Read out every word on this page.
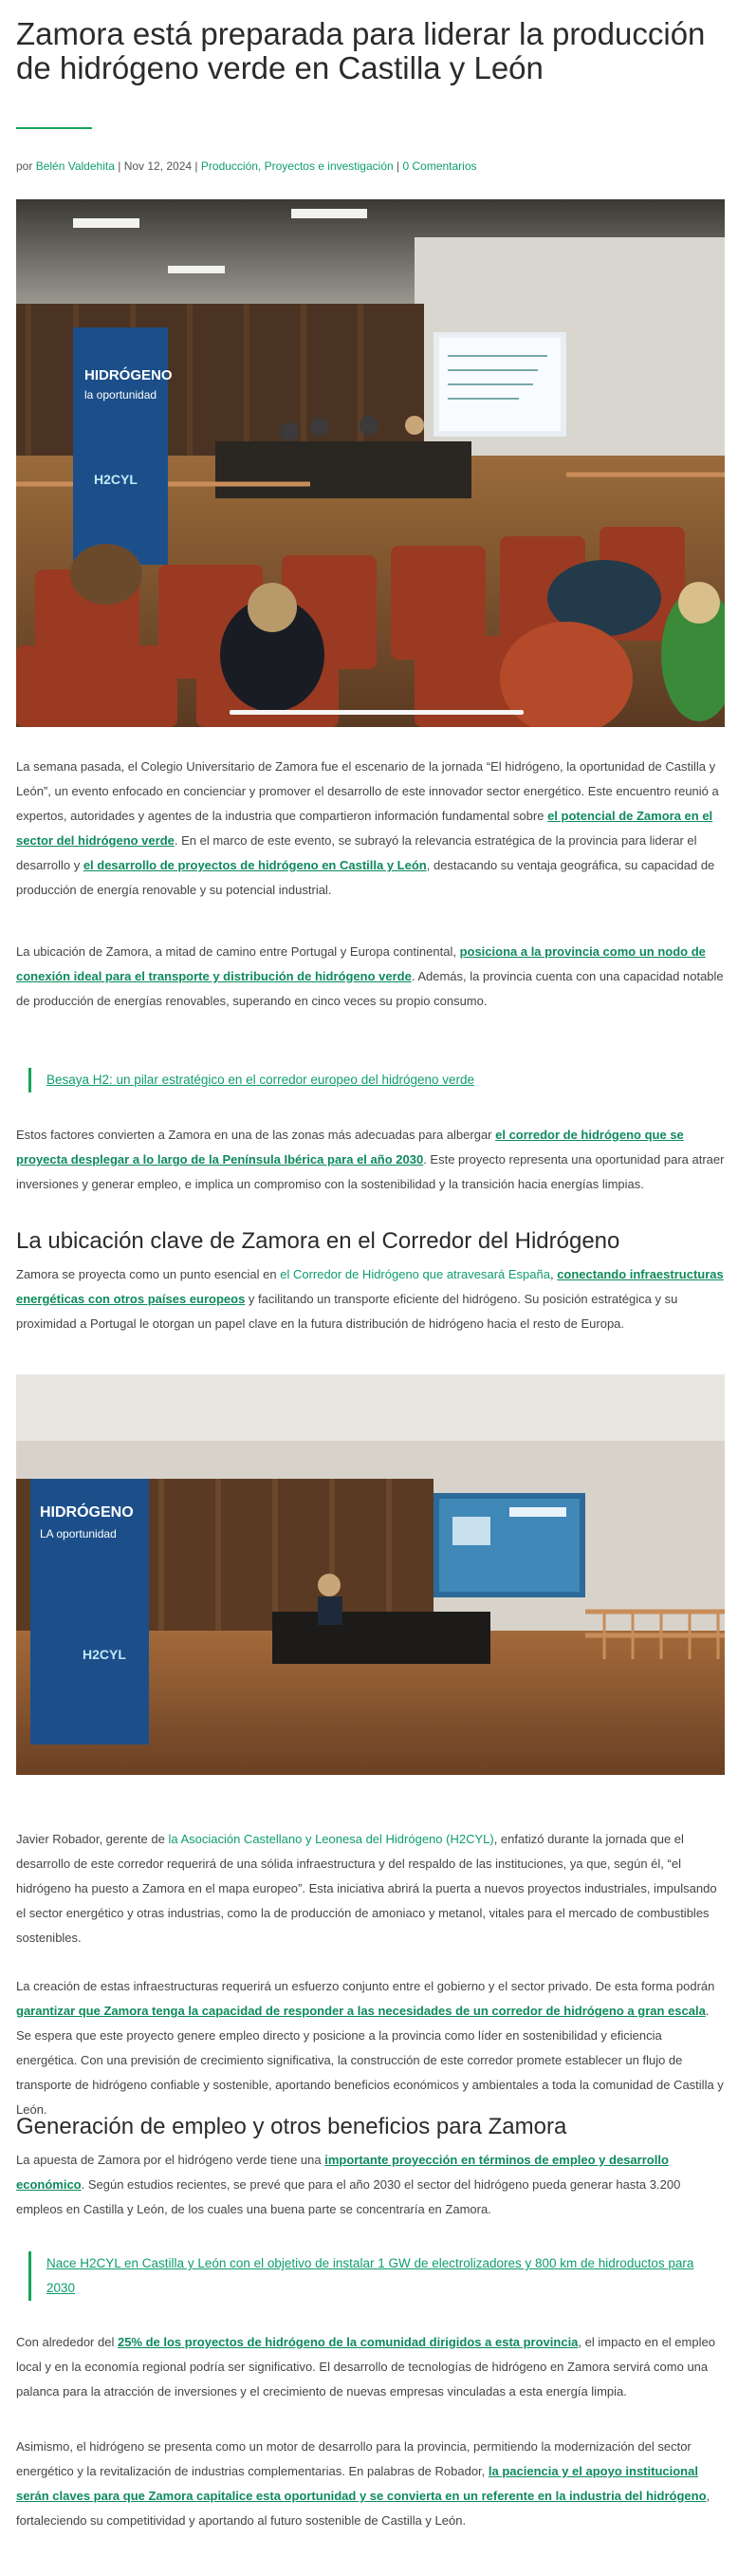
Zamora está preparada para liderar la producción de hidrógeno verde en Castilla y León
por Belén Valdehita | Nov 12, 2024 | Producción, Proyectos e investigación | 0 Comentarios
HIDRÓGENO
la oportunidad
H2CYL

La semana pasada, el Colegio Universitario de Zamora fue el escenario de la jornada “El hidrógeno, la oportunidad de Castilla y León”, un evento enfocado en concienciar y promover el desarrollo de este innovador sector energético. Este encuentro reunió a expertos, autoridades y agentes de la industria que compartieron información fundamental sobre el potencial de Zamora en el sector del hidrógeno verde. En el marco de este evento, se subrayó la relevancia estratégica de la provincia para liderar el desarrollo y el desarrollo de proyectos de hidrógeno en Castilla y León, destacando su ventaja geográfica, su capacidad de producción de energía renovable y su potencial industrial.

La ubicación de Zamora, a mitad de camino entre Portugal y Europa continental, posiciona a la provincia como un nodo de conexión ideal para el transporte y distribución de hidrógeno verde. Además, la provincia cuenta con una capacidad notable de producción de energías renovables, superando en cinco veces su propio consumo.

Besaya H2: un pilar estratégico en el corredor europeo del hidrógeno verde

Estos factores convierten a Zamora en una de las zonas más adecuadas para albergar el corredor de hidrógeno que se proyecta desplegar a lo largo de la Península Ibérica para el año 2030. Este proyecto representa una oportunidad para atraer inversiones y generar empleo, e implica un compromiso con la sostenibilidad y la transición hacia energías limpias.

La ubicación clave de Zamora en el Corredor del Hidrógeno

Zamora se proyecta como un punto esencial en el Corredor de Hidrógeno que atravesará España, conectando infraestructuras energéticas con otros países europeos y facilitando un transporte eficiente del hidrógeno. Su posición estratégica y su proximidad a Portugal le otorgan un papel clave en la futura distribución de hidrógeno hacia el resto de Europa.

HIDRÓGENO
LA oportunidad
H2CYL

Javier Robador, gerente de la Asociación Castellano y Leonesa del Hidrógeno (H2CYL), enfatizó durante la jornada que el desarrollo de este corredor requerirá de una sólida infraestructura y del respaldo de las instituciones, ya que, según él, “el hidrógeno ha puesto a Zamora en el mapa europeo”. Esta iniciativa abrirá la puerta a nuevos proyectos industriales, impulsando el sector energético y otras industrias, como la de producción de amoniaco y metanol, vitales para el mercado de combustibles sostenibles.

La creación de estas infraestructuras requerirá un esfuerzo conjunto entre el gobierno y el sector privado. De esta forma podrán garantizar que Zamora tenga la capacidad de responder a las necesidades de un corredor de hidrógeno a gran escala. Se espera que este proyecto genere empleo directo y posicione a la provincia como líder en sostenibilidad y eficiencia energética. Con una previsión de crecimiento significativa, la construcción de este corredor promete establecer un flujo de transporte de hidrógeno confiable y sostenible, aportando beneficios económicos y ambientales a toda la comunidad de Castilla y León.

Generación de empleo y otros beneficios para Zamora

La apuesta de Zamora por el hidrógeno verde tiene una importante proyección en términos de empleo y desarrollo económico. Según estudios recientes, se prevé que para el año 2030 el sector del hidrógeno pueda generar hasta 3.200 empleos en Castilla y León, de los cuales una buena parte se concentraría en Zamora.

Nace H2CYL en Castilla y León con el objetivo de instalar 1 GW de electrolizadores y 800 km de hidroductos para 2030

Con alrededor del 25% de los proyectos de hidrógeno de la comunidad dirigidos a esta provincia, el impacto en el empleo local y en la economía regional podría ser significativo. El desarrollo de tecnologías de hidrógeno en Zamora servirá como una palanca para la atracción de inversiones y el crecimiento de nuevas empresas vinculadas a esta energía limpia.

Asimismo, el hidrógeno se presenta como un motor de desarrollo para la provincia, permitiendo la modernización del sector energético y la revitalización de industrias complementarias. En palabras de Robador, la paciencia y el apoyo institucional serán claves para que Zamora capitalice esta oportunidad y se convierta en un referente en la industria del hidrógeno, fortaleciendo su competitividad y aportando al futuro sostenible de Castilla y León.
